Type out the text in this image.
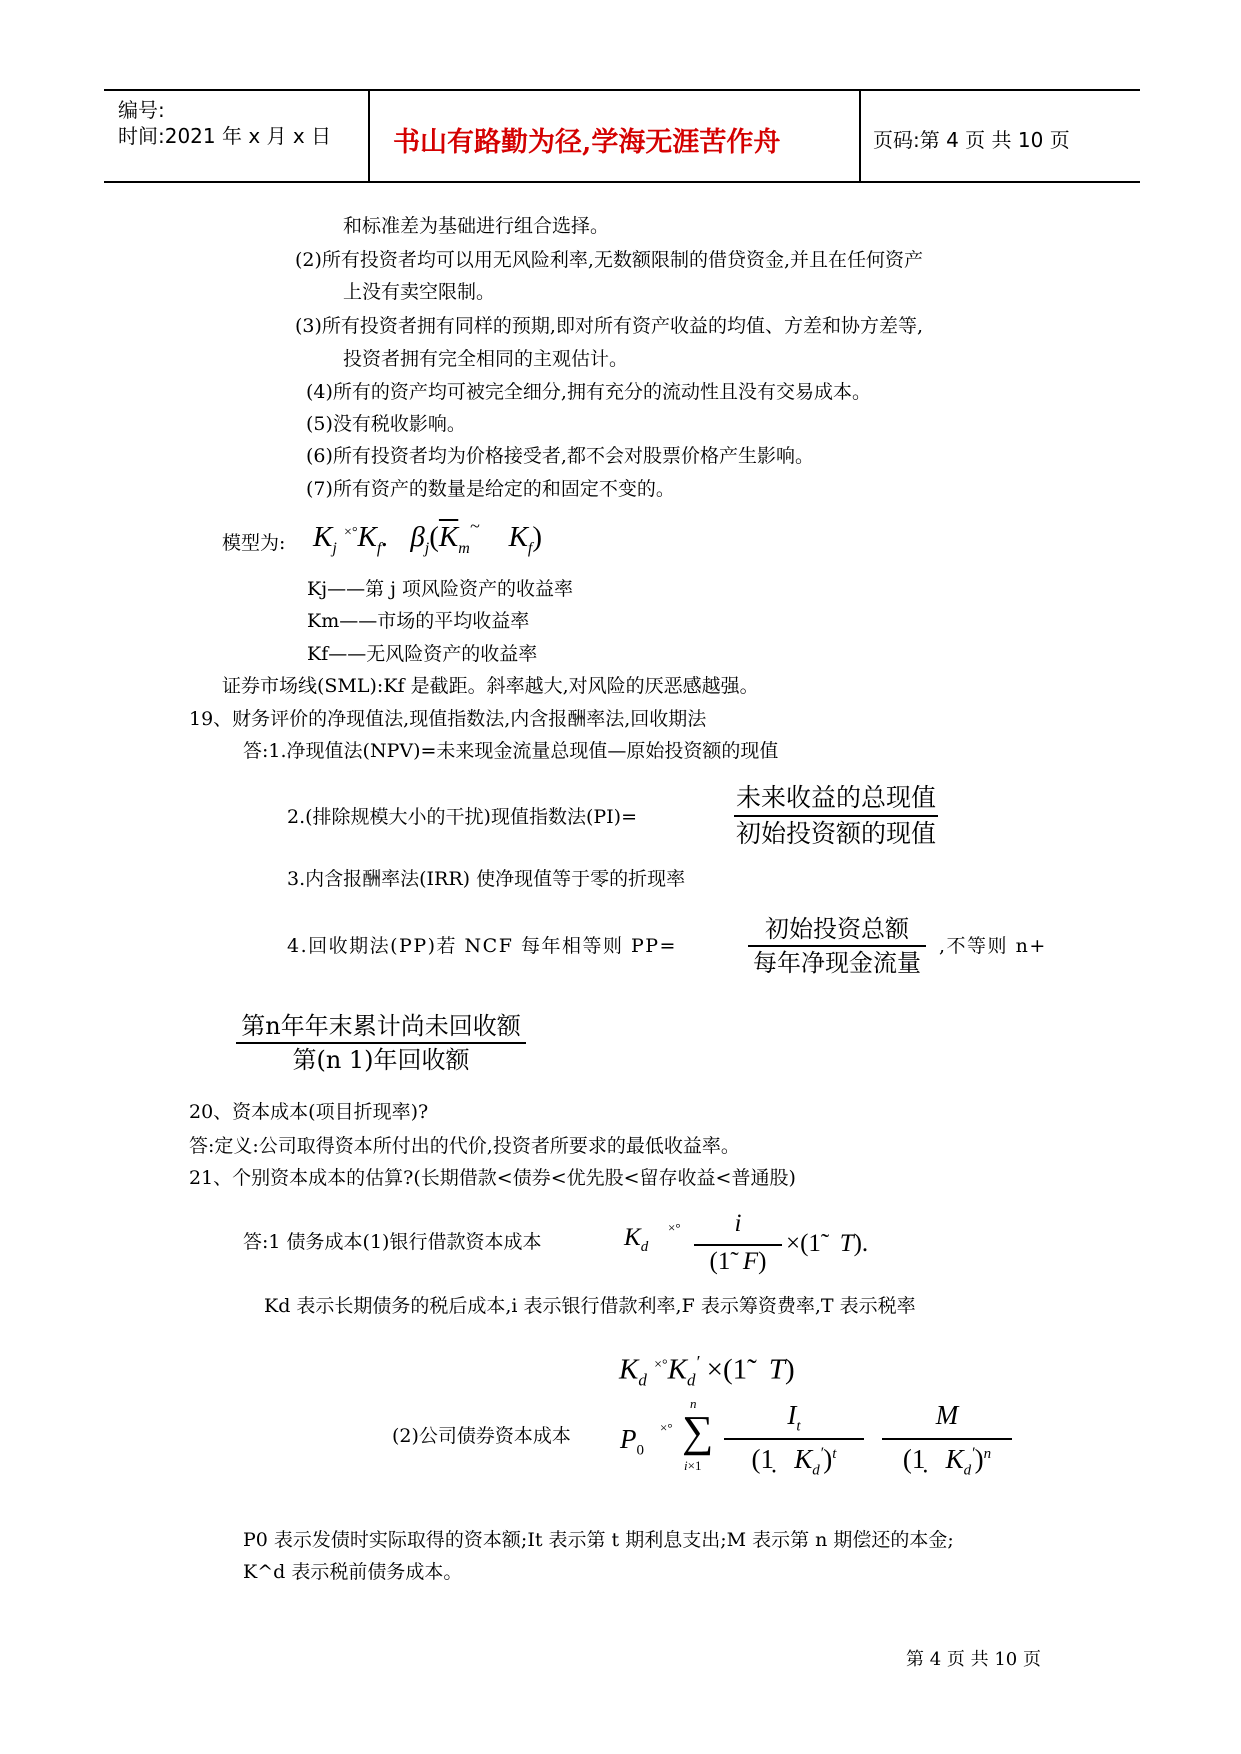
编号:
时间:2021 年 x 月 x 日 书山有路勤为径,学海无涯苦作舟	页码:第 4 页 共 10 页
和标准差为基础进行组合选择。
(2)所有投资者均可以用无风险利率,无数额限制的借贷资金,并且在任何资产
上没有卖空限制。
(3)所有投资者拥有同样的预期,即对所有资产收益的均值、方差和协方差等,
投资者拥有完全相同的主观估计。
(4)所有的资产均可被完全细分,拥有充分的流动性且没有交易成本。
(5)没有税收影响。
(6)所有投资者均为价格接受者,都不会对股票价格产生影响。
(7)所有资产的数量是给定的和固定不变的。
模型为: $K_j$ $^{\times^\circ}K_f$.   $\beta_j(\overline{K}_m^\sim$    $K_f$)
Kj——第 j 项风险资产的收益率
Km——市场的平均收益率
Kf——无风险资产的收益率
证券市场线(SML):Kf 是截距。斜率越大,对风险的厌恶感越强。
19、财务评价的净现值法,现值指数法,内含报酬率法,回收期法
答:1.净现值法(NPV)=未来现金流量总现值—原始投资额的现值
2.(排除规模大小的干扰)现值指数法(PI)=
未来收益的总现值
初始投资额的现值
3.内含报酬率法(IRR) 使净现值等于零的折现率
4.回收期法(PP)若 NCF 每年相等则 PP=
初始投资总额
每年净现金流量
,不等则 n+
第n年年末累计尚未回收额
第(n 1)年回收额
20、资本成本(项目折现率)?
答:定义:公司取得资本所付出的代价,投资者所要求的最低收益率。
21、个别资本成本的估算?(长期借款<债券<优先股<留存收益<普通股)
答:1 债务成本(1)银行借款资本成本	$K_d$
×°	i
(1̃  F)
×(1̃ T).
Kd 表示长期债务的税后成本,i 表示银行借款利率,F 表示筹资费率,T 表示税率
$K_d$ $^{\times^\circ}K_d'$ ×(1̃   T)
(2)公司债券资本成本 $P_0$
×°
n
∑
i×1
$I_t$
(1̣   $K_d')^t$
M
(1̣   $K_d')^n$
P0 表示发债时实际取得的资本额;It 表示第 t 期利息支出;M 表示第 n 期偿还的本金;
K^d 表示税前债务成本。
第 4 页 共 10 页
